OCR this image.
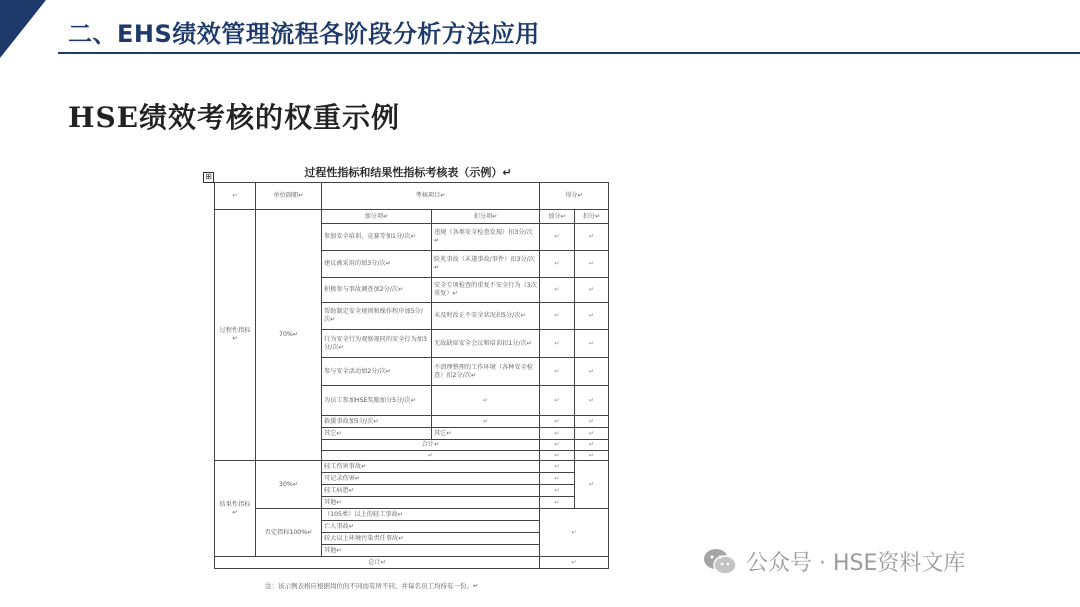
二、EHS绩效管理流程各阶段分析方法应用
HSE绩效考核的权重示例
过程性指标和结果性指标考核表（示例）↵
⊞
↵	单位副职↵	考核项目↵		得分↵	
过程性指标↵	70%↵	加分项↵	扣分项↵	加分↵	扣分↵
		参加安全培训、竞赛等加1分/次↵	违规（各类安全检查发现）扣3分/次↵	↵	↵
		建议被采用的加3分/次↵	险兆事故（未遂事故/事件）扣3分/次↵	↵	↵
		积极参与事故调查加2分/次↵	安全专项检查的重复不安全行为（3次重复）↵	↵	↵
		帮助制定安全规则和操作程序加5分/次↵	未及时改正不安全状况扣5分/次↵	↵	↵
		行为安全行为观察视同的安全行为加3分/次↵	无故缺席安全会议和培训扣1分/次↵	↵	↵
		参与安全活动加2分/次↵	不清理整理的工作环境（各种安全检查）扣2分/次↵	↵	↵
		为员工参加HSE奖励加分5分/次↵	↵	↵	↵
		救援事故加5分/次↵	↵	↵	↵
		其它↵	其它↵	↵	↵
		合计↵		↵	↵
		↵		↵	↵
结果性指标↵	30%↵	轻工伤害事故↵		↵	↵
		可记录伤害↵		↵	
		轻工病患↵		↵	
		其他↵		↵	
	否定指标100%↵	（105类）以上的轻工事故↵		↵	
		亡人事故↵			
		较大以上环境污染责任事故↵			
		其他↵			
总计↵				↵	
注：该示例表格应根据岗位的不同而有所不同，并每名员工均持有一份。↵
公众号 · HSE资料文库
